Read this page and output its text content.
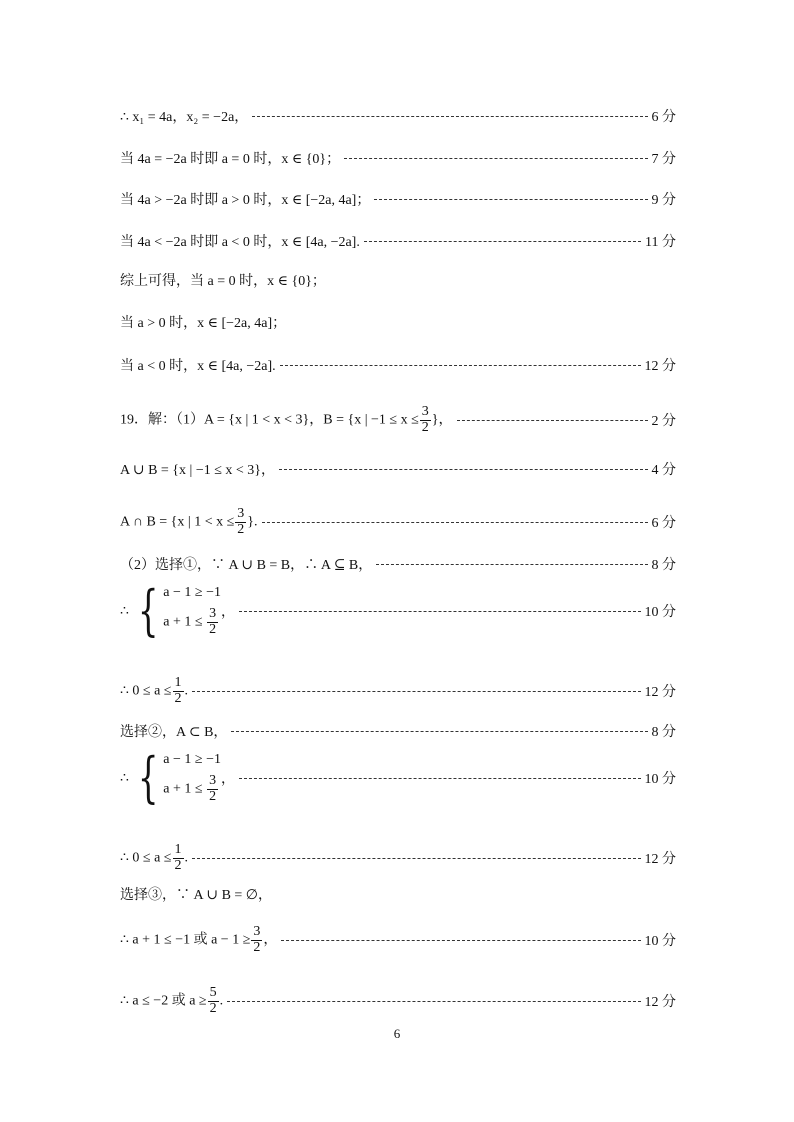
∴ x₁ = 4a，x₂ = −2a，	6 分
当 4a = −2a 时即 a = 0 时，x ∈ {0}；	7 分
当 4a > −2a 时即 a > 0 时，x ∈ [−2a, 4a]；	9 分
当 4a < −2a 时即 a < 0 时，x ∈ [4a, −2a].	11 分
综上可得，当 a = 0 时，x ∈ {0}；
当 a > 0 时，x ∈ [−2a, 4a]；
当 a < 0 时，x ∈ [4a, −2a].	12 分
19．解：（1）A = {x | 1 < x < 3}，B = {x | $-1 \le x \le \frac{3}{2}$ }，	2 分
A ∪ B = {x | −1 ≤ x < 3}，	4 分
A ∩ B = {x | $1 < x \le \frac{3}{2}$ }.	6 分
（2）选择①，∵ A ∪ B = B，∴ A ⊆ B，	8 分
∴ { a − 1 ≥ −1
$a + 1 \le \frac{3}{2}$ ，	10 分
∴ $0 \le a \le \frac{1}{2}$ .	12 分
选择②，A ⊂ B，	8 分
∴ { a − 1 ≥ −1
$a + 1 \le \frac{3}{2}$ ，	10 分
∴ $0 \le a \le \frac{1}{2}$ .	12 分
选择③，∵ A ∪ B = ∅，
∴ a + 1 ≤ −1 或 $a - 1 \ge \frac{3}{2}$ ，	10 分
∴ a ≤ −2 或 $a \ge \frac{5}{2}$ .	12 分
6
